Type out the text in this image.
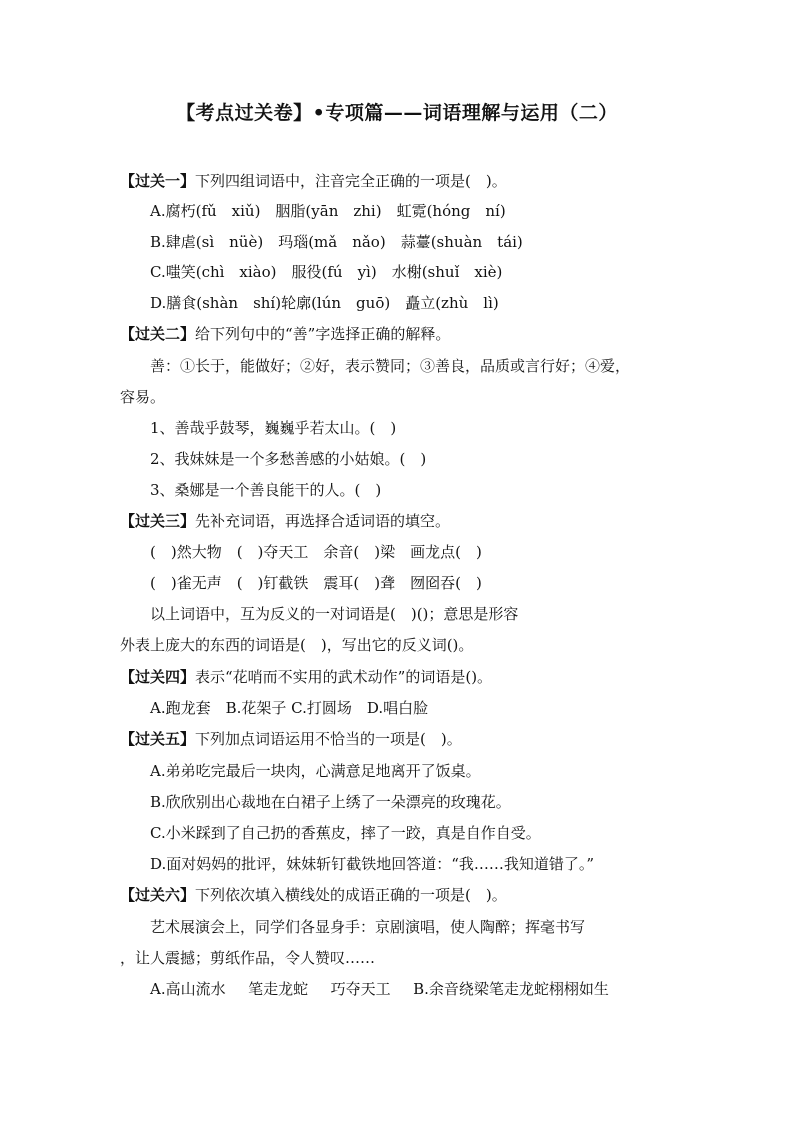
【考点过关卷】•专项篇——词语理解与运用（二）
【过关一】下列四组词语中，注音完全正确的一项是(  )。
A.腐朽(fǔ  xiǔ)  胭脂(yān  zhi)  虹霓(hóng  ní)
B.肆虐(sì  nüè)  玛瑙(mǎ  nǎo)  蒜薹(shuàn  tái)
C.嗤笑(chì  xiào)  服役(fú  yì)  水榭(shuǐ  xiè)
D.膳食(shàn  shí)轮廓(lún  guō)  矗立(zhù  lì)
【过关二】给下列句中的“善”字选择正确的解释。
善：①长于，能做好；②好，表示赞同；③善良，品质或言行好；④爱，
容易。
1、善哉乎鼓琴，巍巍乎若太山。(  )
2、我妹妹是一个多愁善感的小姑娘。(  )
3、桑娜是一个善良能干的人。(  )
【过关三】先补充词语，再选择合适词语的填空。
(  )然大物  (  )夺天工  余音(  )梁  画龙点(  )
(  )雀无声  (  )钉截铁  震耳(  )聋  囫囵吞(  )
以上词语中，互为反义的一对词语是(  )()；意思是形容
外表上庞大的东西的词语是(  )，写出它的反义词()。
【过关四】表示“花哨而不实用的武术动作”的词语是()。
A.跑龙套  B.花架子 C.打圆场  D.唱白脸
【过关五】下列加点词语运用不恰当的一项是(  )。
A.弟弟吃完最后一块肉，心满意足地离开了饭桌。
B.欣欣别出心裁地在白裙子上绣了一朵漂亮的玫瑰花。
C.小米踩到了自己扔的香蕉皮，摔了一跤，真是自作自受。
D.面对妈妈的批评，妹妹斩钉截铁地回答道：“我……我知道错了。”
【过关六】下列依次填入横线处的成语正确的一项是(  )。
艺术展演会上，同学们各显身手：京剧演唱，使人陶醉；挥毫书写
，让人震撼；剪纸作品，令人赞叹……
A.高山流水   笔走龙蛇   巧夺天工   B.余音绕梁笔走龙蛇栩栩如生
